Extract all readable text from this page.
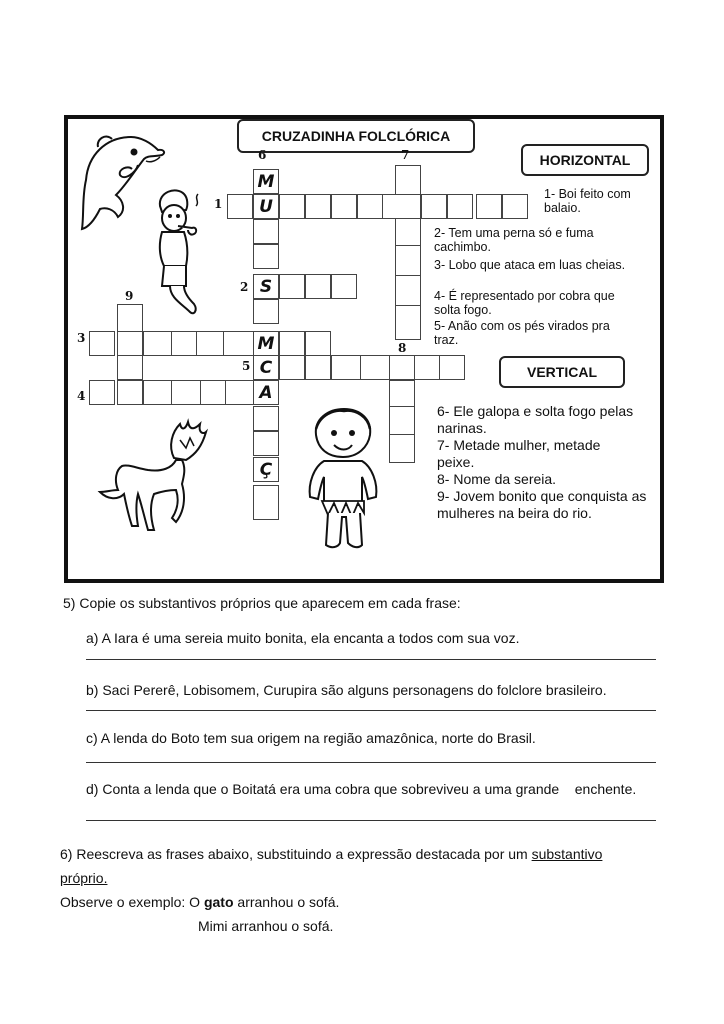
CRUZADINHA FOLCLÓRICA
HORIZONTAL
VERTICAL
1- Boi feito com balaio.
2- Tem uma perna só e fuma cachimbo.
3- Lobo que ataca em luas cheias.
4- É representado por cobra que solta fogo.
5- Anão com os pés virados pra traz.
6- Ele galopa e solta fogo pelas narinas.
7- Metade mulher, metade peixe.
8- Nome da sereia.
9- Jovem bonito que conquista as mulheres na beira do rio.
1
2
3
4
5
6	7
8
9
M
U
S
M
C
A
Ç
5) Copie os substantivos próprios que aparecem em cada frase:
a) A Iara é uma sereia muito bonita, ela encanta a todos com sua voz.
b) Saci Pererê, Lobisomem, Curupira são alguns personagens do folclore brasileiro.
c) A lenda do Boto tem sua origem na região amazônica, norte do Brasil.
d) Conta a lenda que o Boitatá era uma cobra que sobreviveu a uma grande    enchente.
6) Reescreva as frases abaixo, substituindo a expressão destacada por um substantivo
próprio.
Observe o exemplo: O gato arranhou o sofá.
Mimi arranhou o sofá.
